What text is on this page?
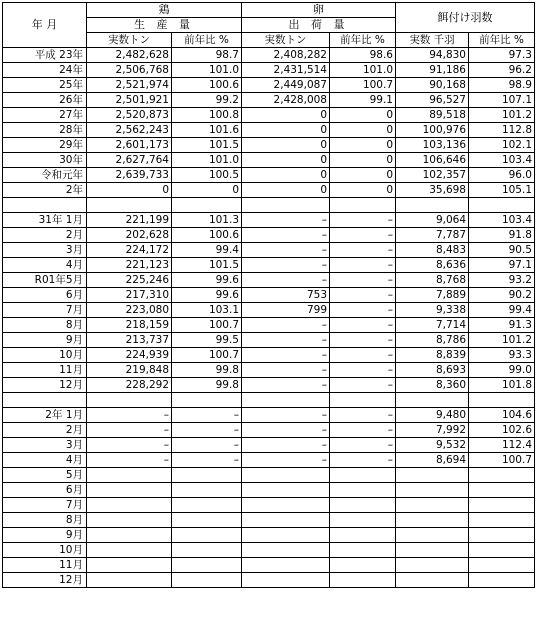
年 月	鶏		卵		餌付け羽数	
	生 産 量		出 荷 量			
	実数トン	前年比 %	実数トン	前年比 %	実数 千羽	前年比 %
平成 23年	2,482,628	98.7	2,408,282	98.6	94,830	97.3
24年	2,506,768	101.0	2,431,514	101.0	91,186	96.2
25年	2,521,974	100.6	2,449,087	100.7	90,168	98.9
26年	2,501,921	99.2	2,428,008	99.1	96,527	107.1
27年	2,520,873	100.8	0	0	89,518	101.2
28年	2,562,243	101.6	0	0	100,976	112.8
29年	2,601,173	101.5	0	0	103,136	102.1
30年	2,627,764	101.0	0	0	106,646	103.4
令和元年	2,639,733	100.5	0	0	102,357	96.0
2年	0	0	0	0	35,698	105.1

31年 1月	221,199	101.3	–	–	9,064	103.4
2月	202,628	100.6	–	–	7,787	91.8
3月	224,172	99.4	–	–	8,483	90.5
4月	221,123	101.5	–	–	8,636	97.1
R01年5月	225,246	99.6	–	–	8,768	93.2
6月	217,310	99.6	753	–	7,889	90.2
7月	223,080	103.1	799	–	9,338	99.4
8月	218,159	100.7	–	–	7,714	91.3
9月	213,737	99.5	–	–	8,786	101.2
10月	224,939	100.7	–	–	8,839	93.3
11月	219,848	99.8	–	–	8,693	99.0
12月	228,292	99.8	–	–	8,360	101.8

2年 1月	–	–	–	–	9,480	104.6
2月	–	–	–	–	7,992	102.6
3月	–	–	–	–	9,532	112.4
4月	–	–	–	–	8,694	100.7
5月						
6月						
7月						
8月						
9月						
10月						
11月						
12月						
